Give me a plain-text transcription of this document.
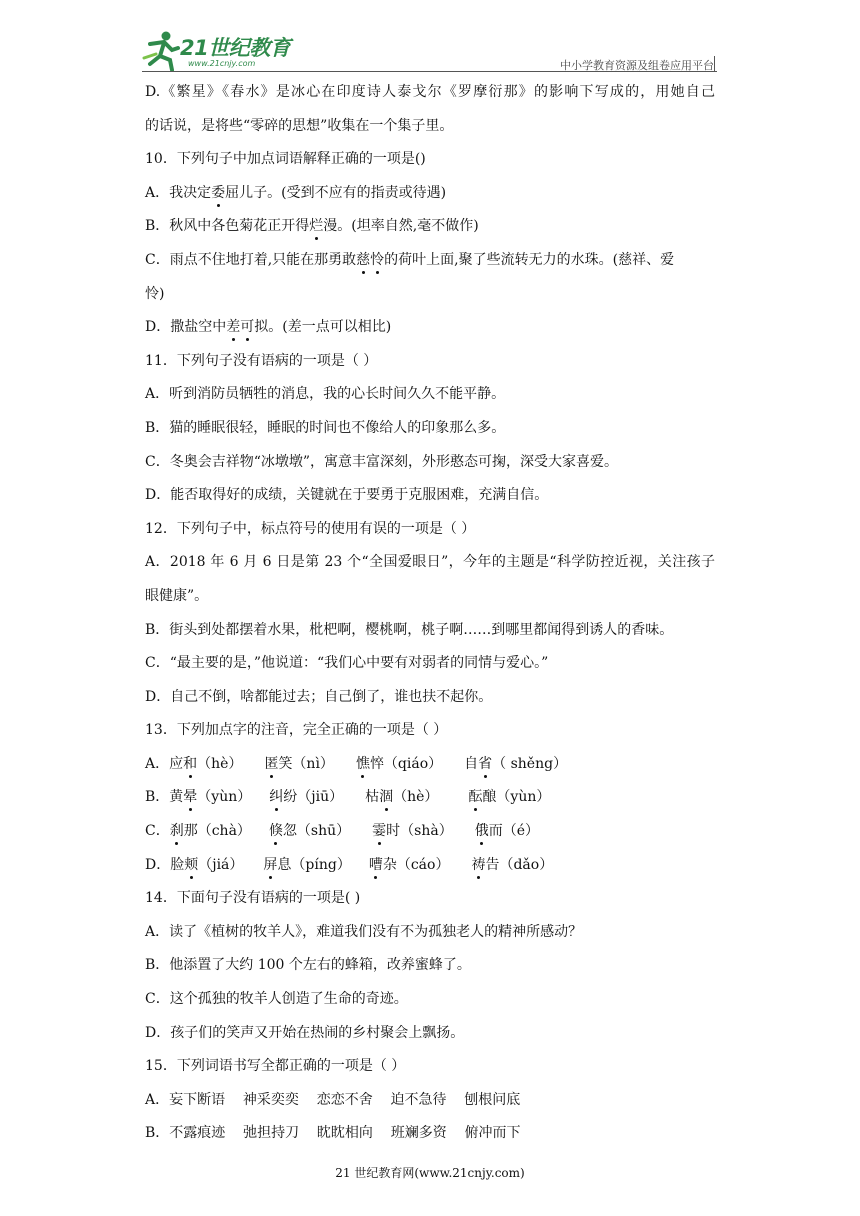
21世纪教育
www.21cnjy.com	中小学教育资源及组卷应用平台
D.《繁星》《春水》是冰心在印度诗人泰戈尔《罗摩衍那》的影响下写成的，用她自己
的话说，是将些“零碎的思想”收集在一个集子里。
10．下列句子中加点词语解释正确的一项是()
A．我决定委屈儿子。(受到不应有的指责或待遇)
B．秋风中各色菊花正开得烂漫。(坦率自然,毫不做作)
C．雨点不住地打着,只能在那勇敢慈怜的荷叶上面,聚了些流转无力的水珠。(慈祥、爱
怜)
D．撒盐空中差可拟。(差一点可以相比)
11．下列句子没有语病的一项是（ ）
A．听到消防员牺牲的消息，我的心长时间久久不能平静。
B．猫的睡眠很轻，睡眠的时间也不像给人的印象那么多。
C．冬奥会吉祥物“冰墩墩”，寓意丰富深刻，外形憨态可掬，深受大家喜爱。
D．能否取得好的成绩，关键就在于要勇于克服困难，充满自信。
12．下列句子中，标点符号的使用有误的一项是（ ）
A．2018 年 6 月 6 日是第 23 个“全国爱眼日”，今年的主题是“科学防控近视，关注孩子
眼健康”。
B．街头到处都摆着水果，枇杷啊，樱桃啊，桃子啊……到哪里都闻得到诱人的香味。
C．“最主要的是，”他说道：“我们心中要有对弱者的同情与爱心。”
D．自己不倒，啥都能过去；自己倒了，谁也扶不起你。
13．下列加点字的注音，完全正确的一项是（ ）
A．应和（hè） 匿笑（nì） 憔悴（qiáo） 自省（ shěng）
B．黄晕（yùn） 纠纷（jiū） 枯涸（hè） 酝酿（yùn）
C．刹那（chà） 倏忽（shū） 霎时（shà） 俄而（é）
D．脸颊（jiá） 屏息（píng） 嘈杂（cáo） 祷告（dǎo）
14．下面句子没有语病的一项是( )
A．读了《植树的牧羊人》，难道我们没有不为孤独老人的精神所感动？
B．他添置了大约 100 个左右的蜂箱，改养蜜蜂了。
C．这个孤独的牧羊人创造了生命的奇迹。
D．孩子们的笑声又开始在热闹的乡村聚会上飘扬。
15．下列词语书写全都正确的一项是（ ）
A．妄下断语    神采奕奕    恋恋不舍    迫不急待    刨根问底
B．不露痕迹    弛担持刀    眈眈相向    班斓多资    俯冲而下
21 世纪教育网(www.21cnjy.com)
